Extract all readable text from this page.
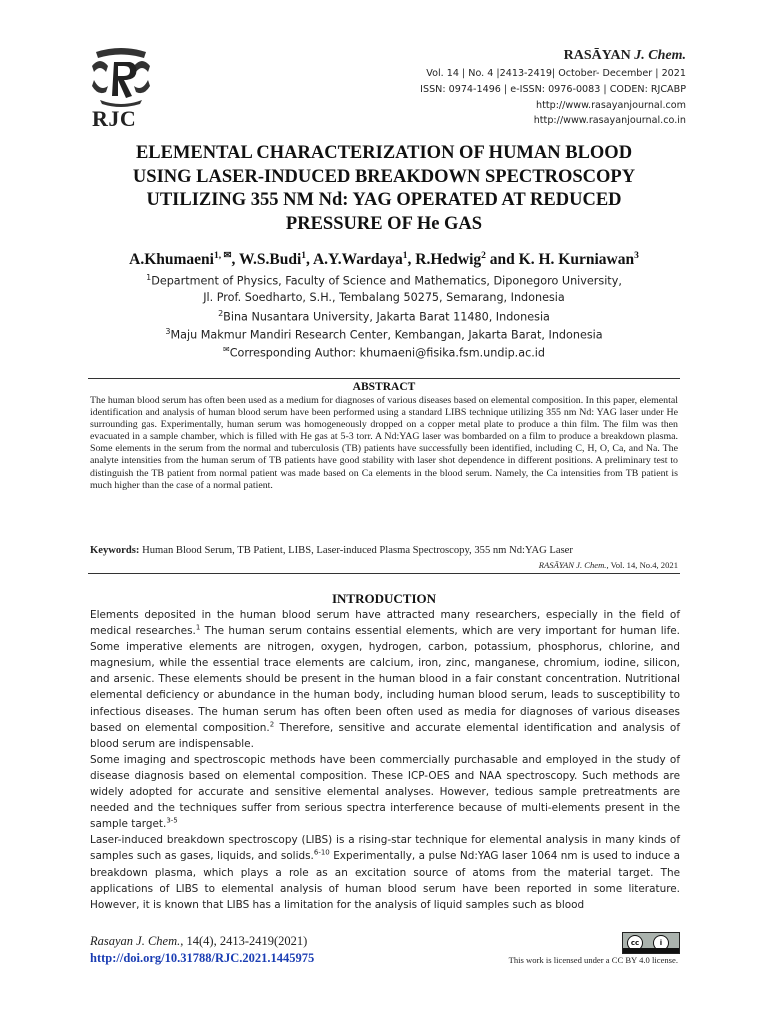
RJC
RASĀYAN J. Chem.
Vol. 14 | No. 4 |2413-2419| October- December | 2021
ISSN: 0974-1496 | e-ISSN: 0976-0083 | CODEN: RJCABP
http://www.rasayanjournal.com
http://www.rasayanjournal.co.in
ELEMENTAL CHARACTERIZATION OF HUMAN BLOOD
USING LASER-INDUCED BREAKDOWN SPECTROSCOPY
UTILIZING 355 NM Nd: YAG OPERATED AT REDUCED
PRESSURE OF He GAS
A.Khumaeni$^{1, ✉}$, W.S.Budi$^1$, A.Y.Wardaya$^1$, R.Hedwig$^2$ and K. H. Kurniawan$^3$
$^1$Department of Physics, Faculty of Science and Mathematics, Diponegoro University,
Jl. Prof. Soedharto, S.H., Tembalang 50275, Semarang, Indonesia
$^2$Bina Nusantara University, Jakarta Barat 11480, Indonesia
$^3$Maju Makmur Mandiri Research Center, Kembangan, Jakarta Barat, Indonesia
✉Corresponding Author: khumaeni@fisika.fsm.undip.ac.id
ABSTRACT
The human blood serum has often been used as a medium for diagnoses of various diseases based on elemental composition. In this paper, elemental identification and analysis of human blood serum have been performed using a standard LIBS technique utilizing 355 nm Nd: YAG laser under He surrounding gas. Experimentally, human serum was homogeneously dropped on a copper metal plate to produce a thin film. The film was then evacuated in a sample chamber, which is filled with He gas at 5-3 torr. A Nd:YAG laser was bombarded on a film to produce a breakdown plasma. Some elements in the serum from the normal and tuberculosis (TB) patients have successfully been identified, including C, H, O, Ca, and Na. The analyte intensities from the human serum of TB patients have good stability with laser shot dependence in different positions. A preliminary test to distinguish the TB patient from normal patient was made based on Ca elements in the blood serum. Namely, the Ca intensities from TB patient is much higher than the case of a normal patient.
Keywords: Human Blood Serum, TB Patient, LIBS, Laser-induced Plasma Spectroscopy, 355 nm Nd:YAG Laser
RASĀYAN J. Chem., Vol. 14, No.4, 2021
INTRODUCTION

Elements deposited in the human blood serum have attracted many researchers, especially in the field of medical researches.$^1$ The human serum contains essential elements, which are very important for human life. Some imperative elements are nitrogen, oxygen, hydrogen, carbon, potassium, phosphorus, chlorine, and magnesium, while the essential trace elements are calcium, iron, zinc, manganese, chromium, iodine, silicon, and arsenic. These elements should be present in the human blood in a fair constant concentration. Nutritional elemental deficiency or abundance in the human body, including human blood serum, leads to susceptibility to infectious diseases. The human serum has often been often used as media for diagnoses of various diseases based on elemental composition.$^2$ Therefore, sensitive and accurate elemental identification and analysis of blood serum are indispensable.

Some imaging and spectroscopic methods have been commercially purchasable and employed in the study of disease diagnosis based on elemental composition. These ICP-OES and NAA spectroscopy. Such methods are widely adopted for accurate and sensitive elemental analyses. However, tedious sample pretreatments are needed and the techniques suffer from serious spectra interference because of multi-elements present in the sample target.$^{3-5}$

Laser-induced breakdown spectroscopy (LIBS) is a rising-star technique for elemental analysis in many kinds of samples such as gases, liquids, and solids.$^{6-10}$ Experimentally, a pulse Nd:YAG laser 1064 nm is used to induce a breakdown plasma, which plays a role as an excitation source of atoms from the material target. The applications of LIBS to elemental analysis of human blood serum have been reported in some literature. However, it is known that LIBS has a limitation for the analysis of liquid samples such as blood

Rasayan J. Chem., 14(4), 2413-2419(2021)
http://doi.org/10.31788/RJC.2021.1445975
cc	i
This work is licensed under a CC BY 4.0 license.
